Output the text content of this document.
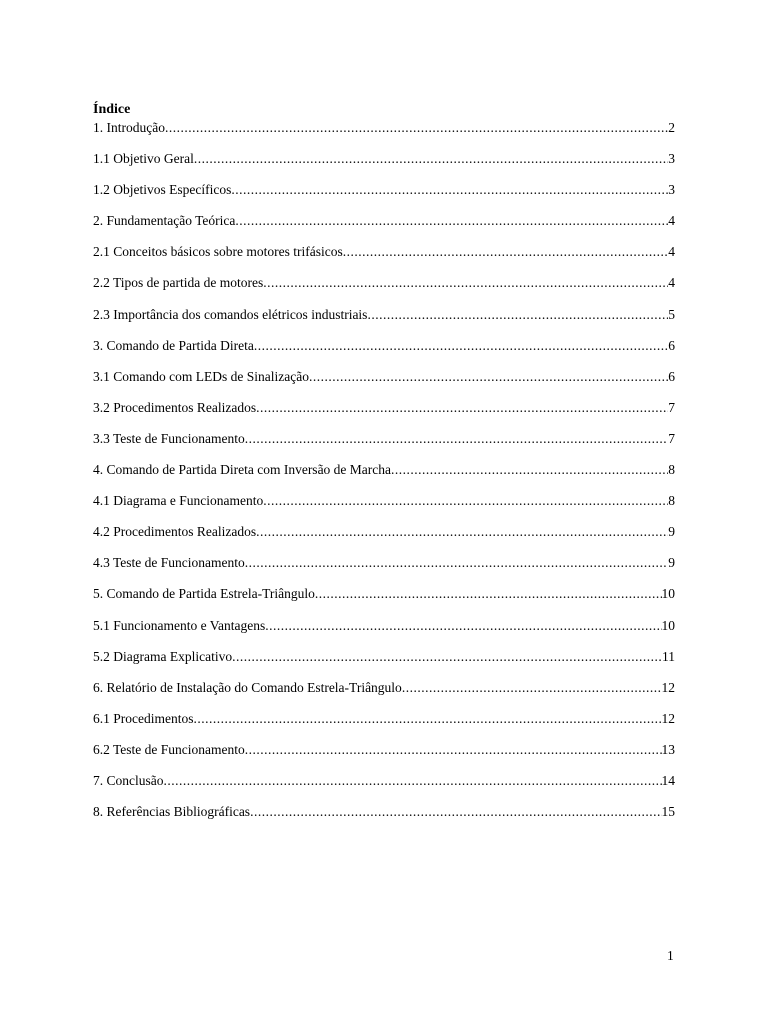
Índice
1. Introdução .....	2
1.1 Objetivo Geral .....	3
1.2 Objetivos Específicos .....	3
2. Fundamentação Teórica .....	4
2.1 Conceitos básicos sobre motores trifásicos .....	4
2.2 Tipos de partida de motores .....	4
2.3 Importância dos comandos elétricos industriais .....	5
3. Comando de Partida Direta .....	6
3.1 Comando com LEDs de Sinalização .....	6
3.2 Procedimentos Realizados .....	7
3.3 Teste de Funcionamento .....	7
4. Comando de Partida Direta com Inversão de Marcha .....	8
4.1 Diagrama e Funcionamento .....	8
4.2 Procedimentos Realizados .....	9
4.3 Teste de Funcionamento .....	9
5. Comando de Partida Estrela-Triângulo .....	10
5.1 Funcionamento e Vantagens .....	10
5.2 Diagrama Explicativo .....	11
6. Relatório de Instalação do Comando Estrela-Triângulo .....	12
6.1 Procedimentos .....	12
6.2 Teste de Funcionamento .....	13
7. Conclusão .....	14
8. Referências Bibliográficas .....	15
1
